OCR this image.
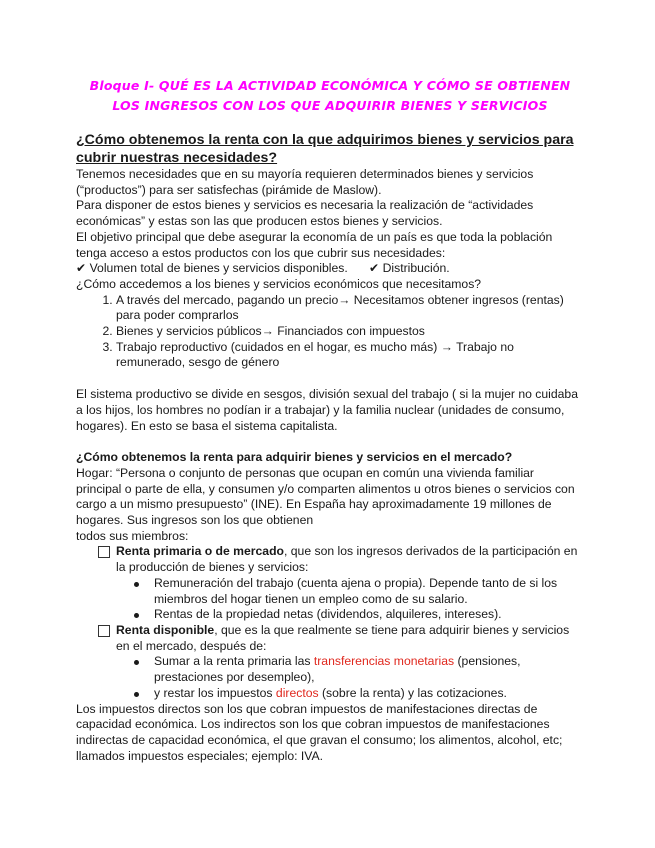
Bloque I- QUÉ ES LA ACTIVIDAD ECONÓMICA Y CÓMO SE OBTIENEN
LOS INGRESOS CON LOS QUE ADQUIRIR BIENES Y SERVICIOS

¿Cómo obtenemos la renta con la que adquirimos bienes y servicios para cubrir nuestras necesidades?

Tenemos necesidades que en su mayoría requieren determinados bienes y servicios (“productos”) para ser satisfechas (pirámide de Maslow).

Para disponer de estos bienes y servicios es necesaria la realización de “actividades económicas” y estas son las que producen estos bienes y servicios.

El objetivo principal que debe asegurar la economía de un país es que toda la población tenga acceso a estos productos con los que cubrir sus necesidades:

✔ Volumen total de bienes y servicios disponibles.	✔ Distribución.

¿Cómo accedemos a los bienes y servicios económicos que necesitamos?

1. A través del mercado, pagando un precio→ Necesitamos obtener ingresos (rentas) para poder comprarlos
2. Bienes y servicios públicos→ Financiados con impuestos
3. Trabajo reproductivo (cuidados en el hogar, es mucho más) → Trabajo no remunerado, sesgo de género

El sistema productivo se divide en sesgos, división sexual del trabajo ( si la mujer no cuidaba a los hijos, los hombres no podían ir a trabajar) y la familia nuclear (unidades de consumo, hogares). En esto se basa el sistema capitalista.

¿Cómo obtenemos la renta para adquirir bienes y servicios en el mercado?

Hogar: “Persona o conjunto de personas que ocupan en común una vivienda familiar principal o parte de ella, y consumen y/o comparten alimentos u otros bienes o servicios con cargo a un mismo presupuesto” (INE). En España hay aproximadamente 19 millones de hogares. Sus ingresos son los que obtienen

todos sus miembros:

Renta primaria o de mercado, que son los ingresos derivados de la participación en la producción de bienes y servicios:
Remuneración del trabajo (cuenta ajena o propia). Depende tanto de si los miembros del hogar tienen un empleo como de su salario.
Rentas de la propiedad netas (dividendos, alquileres, intereses).
Renta disponible, que es la que realmente se tiene para adquirir bienes y servicios en el mercado, después de:
Sumar a la renta primaria las transferencias monetarias (pensiones, prestaciones por desempleo),
y restar los impuestos directos (sobre la renta) y las cotizaciones.

Los impuestos directos son los que cobran impuestos de manifestaciones directas de capacidad económica. Los indirectos son los que cobran impuestos de manifestaciones indirectas de capacidad económica, el que gravan el consumo; los alimentos, alcohol, etc; llamados impuestos especiales; ejemplo: IVA.
